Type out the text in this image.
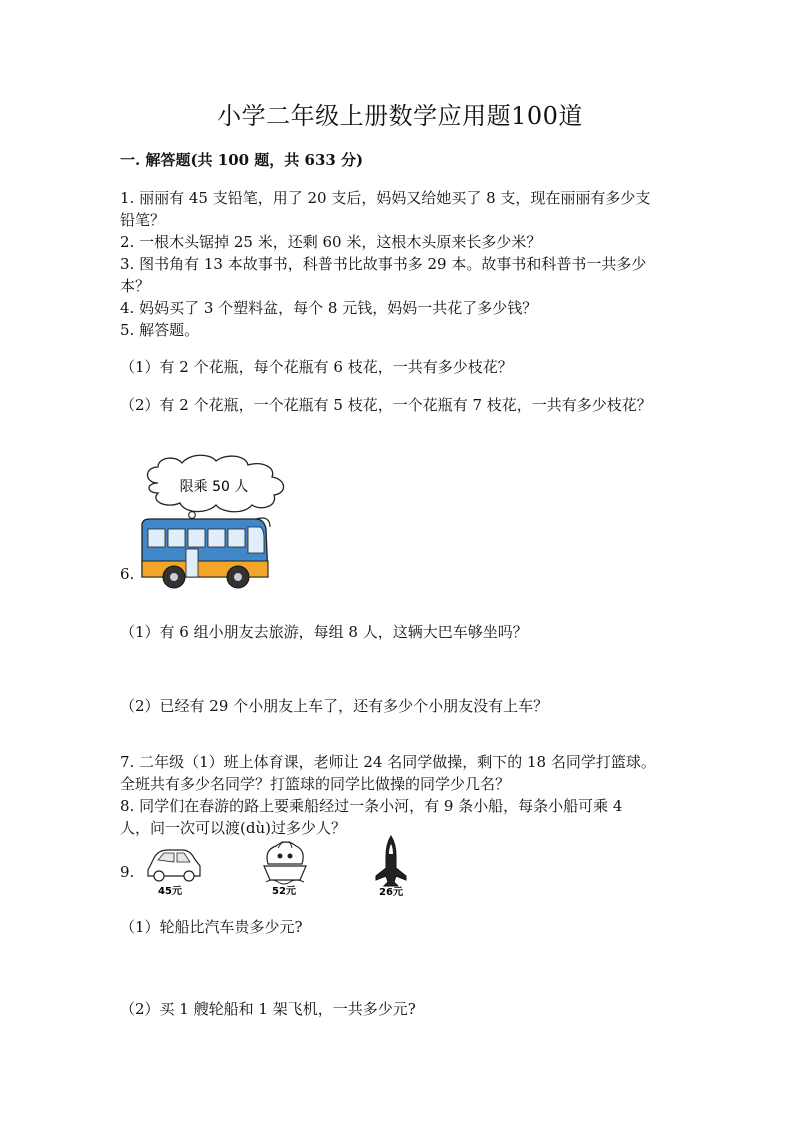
小学二年级上册数学应用题100道
一. 解答题(共 100 题，共 633 分)
1. 丽丽有 45 支铅笔，用了 20 支后，妈妈又给她买了 8 支，现在丽丽有多少支
铅笔？
2. 一根木头锯掉 25 米，还剩 60 米，这根木头原来长多少米？
3. 图书角有 13 本故事书，科普书比故事书多 29 本。故事书和科普书一共多少
本？
4. 妈妈买了 3 个塑料盆，每个 8 元钱，妈妈一共花了多少钱？
5. 解答题。
（1）有 2 个花瓶，每个花瓶有 6 枝花，一共有多少枝花？
（2）有 2 个花瓶，一个花瓶有 5 枝花，一个花瓶有 7 枝花，一共有多少枝花？
6.
限乘 50 人
（1）有 6 组小朋友去旅游，每组 8 人，这辆大巴车够坐吗？
（2）已经有 29 个小朋友上车了，还有多少个小朋友没有上车？
7. 二年级（1）班上体育课，老师让 24 名同学做操，剩下的 18 名同学打篮球。
全班共有多少名同学？打篮球的同学比做操的同学少几名？
8. 同学们在春游的路上要乘船经过一条小河，有 9 条小船，每条小船可乘 4
人，问一次可以渡(dù)过多少人？
9.
45元	52元	26元
（1）轮船比汽车贵多少元?
（2）买 1 艘轮船和 1 架飞机，一共多少元?
